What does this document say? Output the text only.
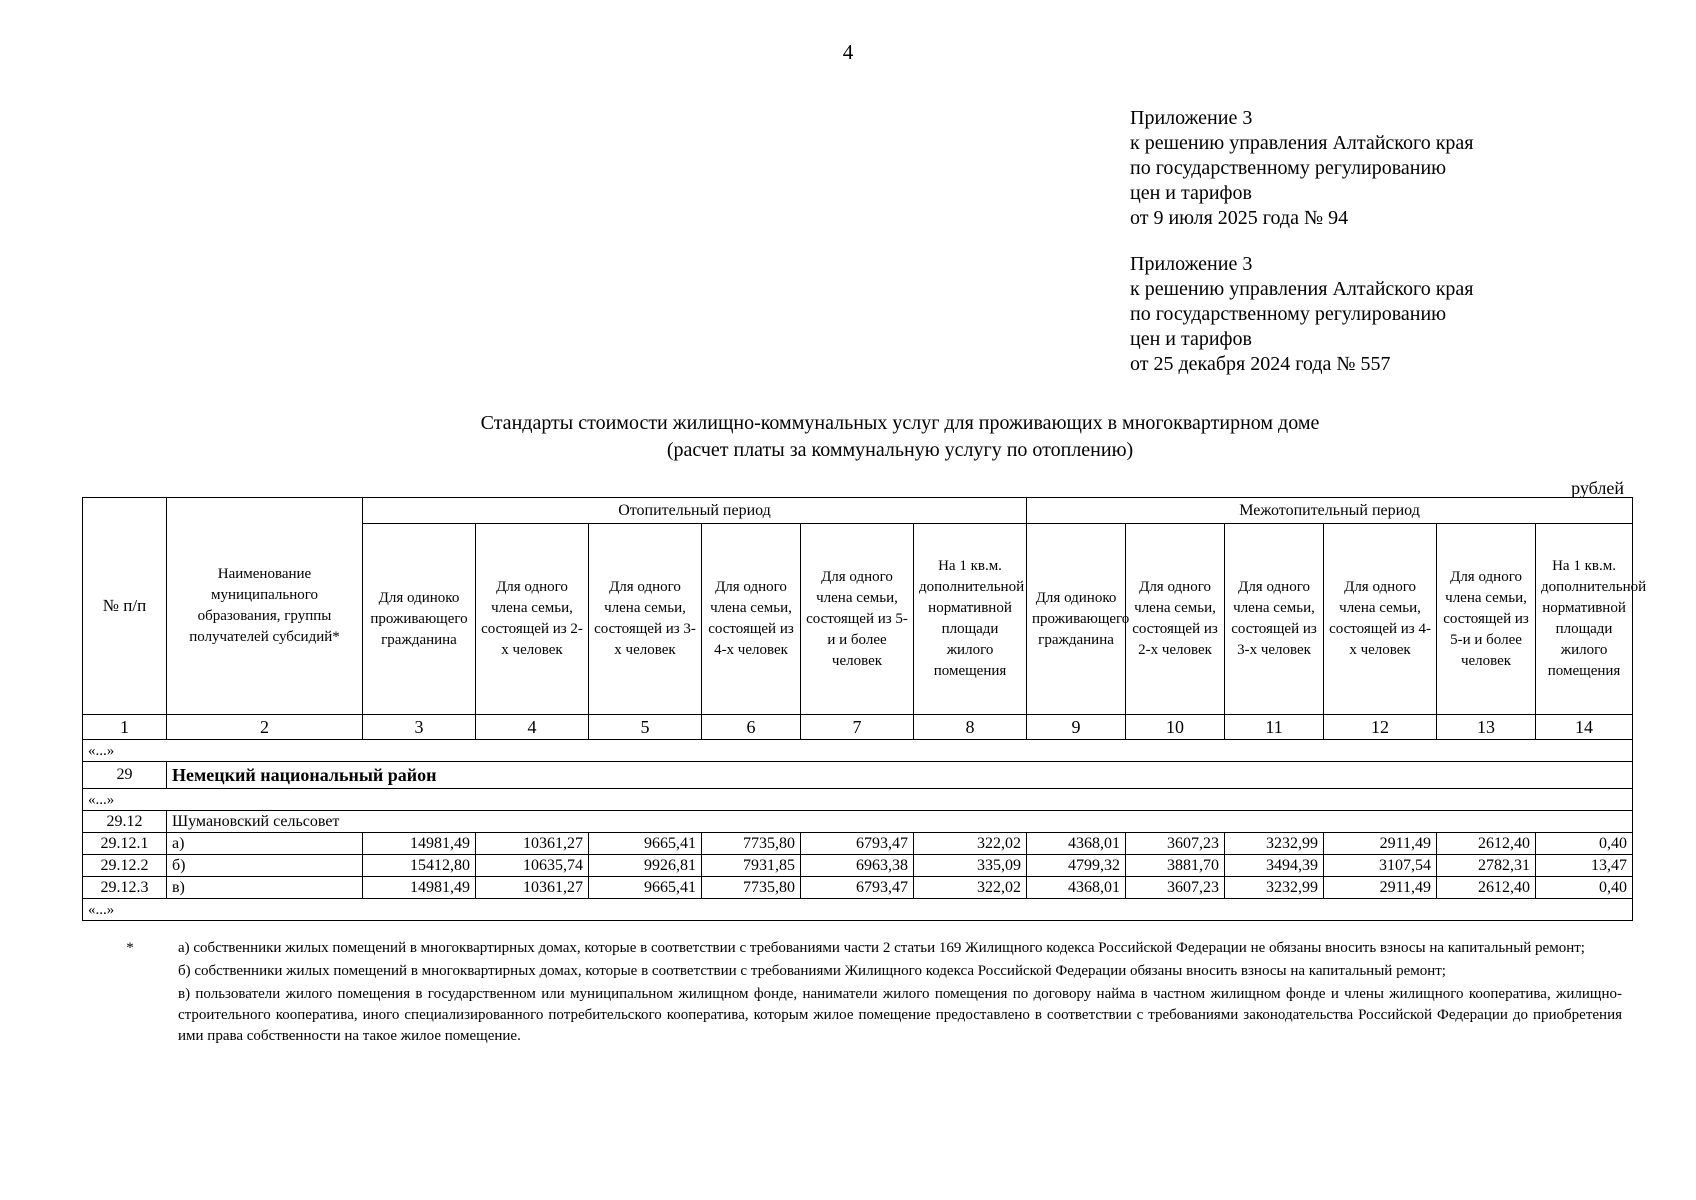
4
Приложение 3
к решению управления Алтайского края
по государственному регулированию
цен и тарифов
от 9 июля 2025 года № 94
Приложение 3
к решению управления Алтайского края
по государственному регулированию
цен и тарифов
от 25 декабря 2024 года № 557
Стандарты стоимости жилищно-коммунальных услуг для проживающих в многоквартирном доме
(расчет платы за коммунальную услугу по отоплению)
рублей
№ п/п	Наименование муниципального образования, группы получателей субсидий*	Отопительный период						Межотопительный период					
		Для одиноко проживающего гражданина	Для одного члена семьи, состоящей из 2-х человек	Для одного члена семьи, состоящей из 3-х человек	Для одного члена семьи, состоящей из 4-х человек	Для одного члена семьи, состоящей из 5-и и более человек	На 1 кв.м. дополнительной нормативной площади жилого помещения	Для одиноко проживающего гражданина	Для одного члена семьи, состоящей из 2-х человек	Для одного члена семьи, состоящей из 3-х человек	Для одного члена семьи, состоящей из 4-х человек	Для одного члена семьи, состоящей из 5-и и более человек	На 1 кв.м. дополнительной нормативной площади жилого помещения
1	2	3	4	5	6	7	8	9	10	11	12	13	14
«...»													
29	Немецкий национальный район												
«...»													
29.12	Шумановский сельсовет												
29.12.1	а)	14981,49	10361,27	9665,41	7735,80	6793,47	322,02	4368,01	3607,23	3232,99	2911,49	2612,40	0,40
29.12.2	б)	15412,80	10635,74	9926,81	7931,85	6963,38	335,09	4799,32	3881,70	3494,39	3107,54	2782,31	13,47
29.12.3	в)	14981,49	10361,27	9665,41	7735,80	6793,47	322,02	4368,01	3607,23	3232,99	2911,49	2612,40	0,40
«...»													
*	а) собственники жилых помещений в многоквартирных домах, которые в соответствии с требованиями части 2 статьи 169 Жилищного кодекса Российской Федерации не обязаны вносить взносы на капитальный ремонт;
б) собственники жилых помещений в многоквартирных домах, которые в соответствии с требованиями Жилищного кодекса Российской Федерации обязаны вносить взносы на капитальный ремонт;
в) пользователи жилого помещения в государственном или муниципальном жилищном фонде, наниматели жилого помещения по договору найма в частном жилищном фонде и члены жилищного кооператива, жилищно-строительного кооператива, иного специализированного потребительского кооператива, которым жилое помещение предоставлено в соответствии с требованиями законодательства Российской Федерации до приобретения ими права собственности на такое жилое помещение.
